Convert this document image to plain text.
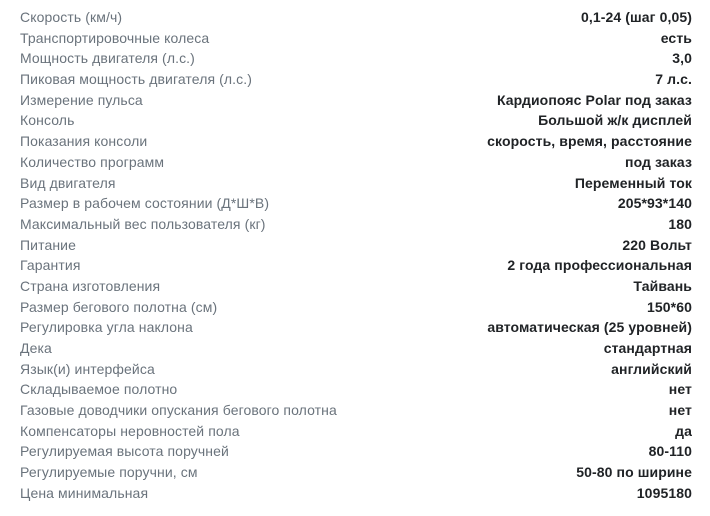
Скорость (км/ч)	0,1-24 (шаг 0,05)
Транспортировочные колеса	есть
Мощность двигателя (л.с.)	3,0
Пиковая мощность двигателя (л.с.)	7 л.с.
Измерение пульса	Кардиопояс Polar под заказ
Консоль	Большой ж/к дисплей
Показания консоли	скорость, время, расстояние
Количество программ	под заказ
Вид двигателя	Переменный ток
Размер в рабочем состоянии (Д*Ш*В)	205*93*140
Максимальный вес пользователя (кг)	180
Питание	220 Вольт
Гарантия	2 года профессиональная
Страна изготовления	Тайвань
Размер бегового полотна (см)	150*60
Регулировка угла наклона	автоматическая (25 уровней)
Дека	стандартная
Язык(и) интерфейса	английский
Складываемое полотно	нет
Газовые доводчики опускания бегового полотна	нет
Компенсаторы неровностей пола	да
Регулируемая высота поручней	80-110
Регулируемые поручни, см	50-80 по ширине
Цена минимальная	1095180
